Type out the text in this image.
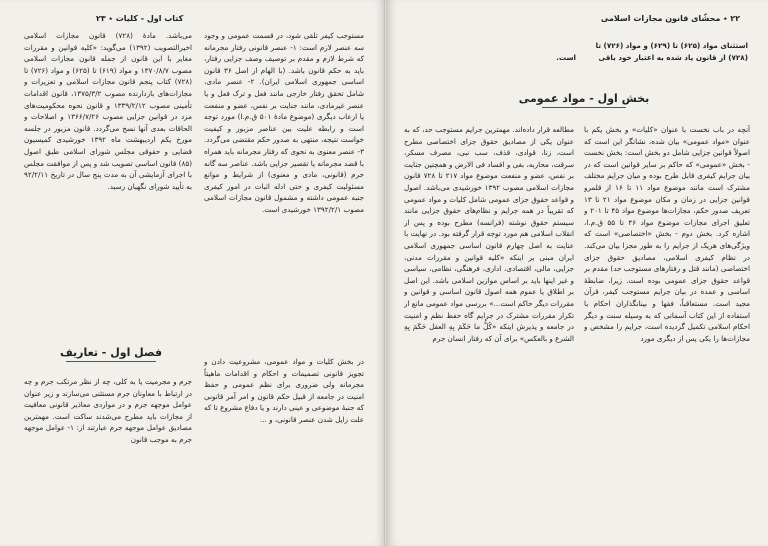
کتاب اول - کلیات ٭ ٢٣

مستوجب کیفر تلقی شود، در قسمت عمومی و وجود سه عنصر لازم است: ۱- عنصر قانونی رفتار مجرمانه که شرط لازم و مقدم بر توصیف وصف جزایی رفتار، باید به حکم قانون باشد. (با الهام از اصل ۳۶ قانون اساسی جمهوری اسلامی ایران). ۲- عنصر مادی، شامل تحقق رفتار خارجی مانند فعل و ترک فعل و یا عنصر غیرمادی، مانند جنایت بر نفس، عضو و منفعت یا ارعاب دیگری (موضوع مادهٔ ۵۰۱ ق.م.ا) مورد توجه است و رابطه علیت بین عناصر مزبور و کیفیت خواست نتیجه، منتهی به صدور حکم مقتضی می‌گردد. ۳- عنصر معنوی به نحوی که رفتار مجرمانه باید همراه با قصد مجرمانه یا تقصیر جزایی باشد. عناصر سه گانه جرم (قانونی، مادی و معنوی) از شرایط و موانع مسئولیت کیفری و حتی ادله اثبات در امور کیفری جنبه عمومی داشته و مشمول قانون مجازات اسلامی مصوب ۱۳۹۲/۲/۱ خورشیدی است.

می‌باشد. مادهٔ (۷۲۸) قانون مجازات اسلامی اخیرالتصویب (۱۳۹۲) می‌گوید: «کلیه قوانین و مقررات مغایر با این قانون از جمله قانون مجازات اسلامی مصوب ۱۳۷۰/۸/۷ و مواد (۶۱۹) تا (۶۲۵) و مواد (۷۲۶) تا (۷۲۸) کتاب پنجم قانون مجازات اسلامی و تعزیرات و مجازات‌های بازدارنده مصوب ۱۳۷۵/۳/۲، قانون اقدامات تأمینی مصوب ۱۳۳۹/۲/۱۲ و قانون نحوه محکومیت‌های مزد در قوانین جزایی مصوب ۱۳۶۶/۷/۲۶ و اصلاحات و الحاقات بعدی آنها نسخ می‌گردد. قانون مزبور در جلسه مورخ یکم اردیبهشت ماه ۱۳۹۲ خورشیدی کمیسیون قضایی و حقوقی مجلس شورای اسلامی طبق اصول (۸۵) قانون اساسی تصویب شد و پس از موافقت مجلس با اجرای آزمایشی آن به مدت پنج سال در تاریخ ۹۲/۲/۱۱ به تأیید شورای نگهبان رسید.

فصل اول - تعاریف

در بخش کلیات و مواد عمومی، مشروعیت دادن و تجویز قانونی تصمیمات و احکام و اقدامات ماهیتاً مجرمانه ولی ضروری برای نظم عمومی و حفظ امنیت در جامعه از قبیل حکم قانون و امر آمر قانونی که جنبهٔ موضوعی و عینی دارند و یا دفاع مشروع تا که علت زایل شدن عنصر قانونی، و ...

جرم و مجرمیت یا به کلی، چه از نظر مرتکب جرم و چه در ارتباط با معاونان جرم مستثنی می‌سازند و زیر عنوان عوامل موجهه جرم و در مواردی معاذیر قانونی معافیت از مجازات باید مطرح می‌شدند ساکت است. مهمترین مصادیق عوامل موجهه جرم عبارتند از: ۱- عوامل موجهه جرم به موجب قانون

٢٢ ٭ محشّای قانون مجازات اسلامی
استثنای مواد (۶۲۵) تا (۶۲۹) و مواد (۷۲۶) تا (۷۲۸) از قانون یاد شده به اعتبار خود باقی
است.
بخش اول - مواد عمومی

آنچه در باب نخست با عنوان «کلیات» و بخش یکم با عنوان «مواد عمومی» بیان شده، نشانگر این است که اصولاً قوانین جزایی شامل دو بخش است: بخش نخست - بخش «عمومی» که حاکم بر سایر قوانین است که در بیان جرایم کیفری قابل طرح بوده و میان جرایم مختلف مشترک است مانند موضوع مواد ۱۱ تا ۱۶ از قلمرو قوانین جزایی در زمان و مکان موضوع مواد ۲۱ تا ۱۳ تعریف صدور حکم، مجازات‌ها موضوع مواد ۴۵ تا ۲۰۱ و تعلیق اجرای مجازات موضوع مواد ۴۶ تا ۵۵ ق.م.ا، اشاره کرد. بخش دوم - بخش «اختصاصی» است که ویژگی‌های هریک از جرایم را به طور مجزا بیان می‌کند. در نظام کیفری اسلامی، مصادیق حقوق جزای اختصاصی (مانند قتل و رفتارهای مستوجب حد) مقدم بر قواعد حقوق جزای عمومی بوده است. زیرا، ضابطهٔ اساسی و عمده در بیان جرایم مستوجب کیفر، قرآن مجید است. مستعاقباً، فقها و بینانگذاران احکام با استفاده از این کتاب آسمانی که به وسیله سنت و دیگر احکام اسلامی تکمیل گردیده است، جرایم را مشخص و مجازات‌ها را یکی پس از دیگری مورد

مطالعه قرار داده‌اند. مهمترین جرایم مستوجب حد، که به عنوان یکی از مصادیق حقوق جزای اختصاصی مطرح است، زنا، قوادی، قذف، سب نبی، مصرف مسکر، سرقت، محاربه، بغی و افساد فی الارض و همچنین جنایت بر نفس، عضو و منفعت موضوع مواد ۲۱۷ تا ۷۲۸ قانون مجازات اسلامی مصوب ۱۳۹۲ خورشیدی می‌باشد. اصول و قواعد حقوق جزای عمومی شامل کلیات و مواد عمومی که تقریباً در همه جرایم و نظام‌های حقوق جزایی مانند سیستم حقوق نوشته (فرانسه) مطرح بوده و پس از انقلاب اسلامی هم مورد توجه قرار گرفته بود. در نهایت با عنایت به اصل چهارم قانون اساسی جمهوری اسلامی ایران مبنی بر اینکه «کلیه قوانین و مقررات مدنی، جزایی، مالی، اقتصادی، اداری، فرهنگی، نظامی، سیاسی و غیر اینها باید بر اساس موازین اسلامی باشد. این اصل بر اطلاق یا عموم همه اصول قانون اساسی و قوانین و مقررات دیگر حاکم است...» بررسی مواد عمومی مانع از تکرار مقررات مشترک در جرایم گاه حفظ نظم و امنیت در جامعه و پذیرش اینکه «کُلُّ ما حَکَمَ بِهِ العقل حَکَمَ بِهِ الشرع و بالعکس» برای آن که رفتار انسان جرم
